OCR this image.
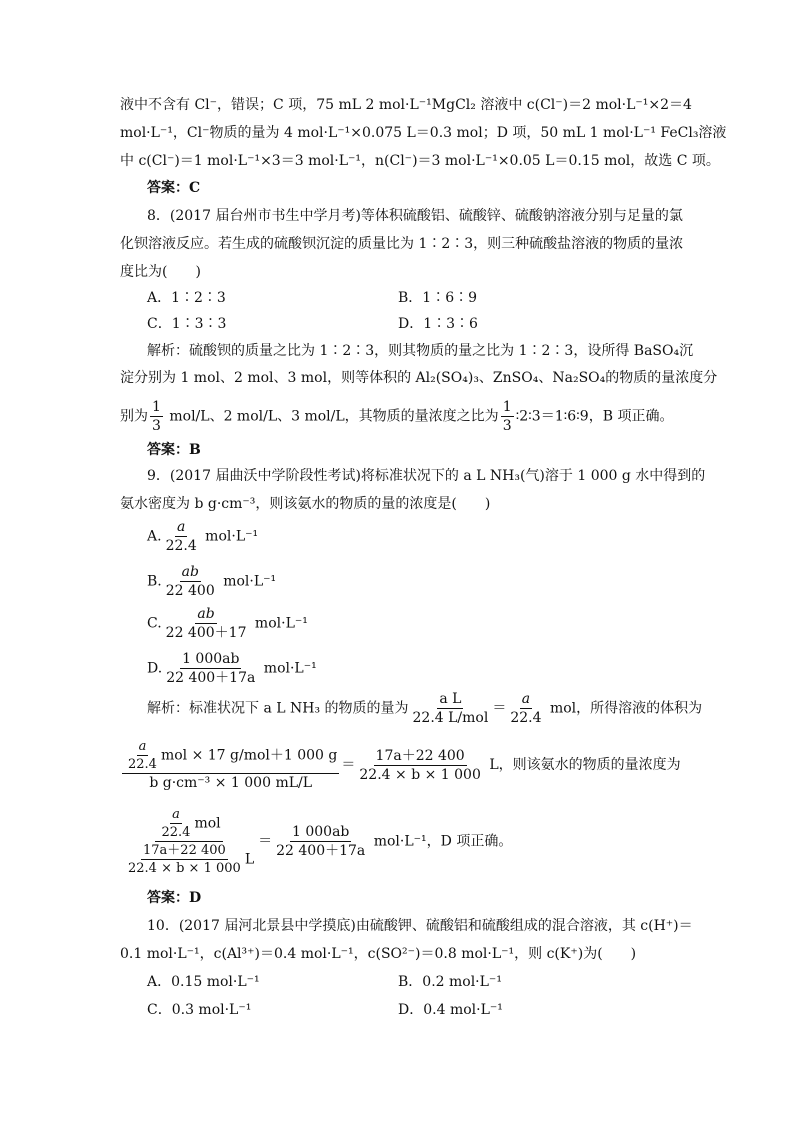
液中不含有 Cl⁻，错误；C 项，75 mL 2 mol·L⁻¹MgCl₂ 溶液中 c(Cl⁻)＝2 mol·L⁻¹×2＝4
mol·L⁻¹，Cl⁻物质的量为 4 mol·L⁻¹×0.075 L＝0.3 mol；D 项，50 mL 1 mol·L⁻¹ FeCl₃溶液
中 c(Cl⁻)＝1 mol·L⁻¹×3＝3 mol·L⁻¹，n(Cl⁻)＝3 mol·L⁻¹×0.05 L＝0.15 mol，故选 C 项。
答案：C
8．(2017 届台州市书生中学月考)等体积硫酸铝、硫酸锌、硫酸钠溶液分别与足量的氯
化钡溶液反应。若生成的硫酸钡沉淀的质量比为 1∶2∶3，则三种硫酸盐溶液的物质的量浓
度比为(　　)
A．1∶2∶3	B．1∶6∶9
C．1∶3∶3	D．1∶3∶6
解析：硫酸钡的质量之比为 1∶2∶3，则其物质的量之比为 1∶2∶3，设所得 BaSO₄沉
淀分别为 1 mol、2 mol、3 mol，则等体积的 Al₂(SO₄)₃、ZnSO₄、Na₂SO₄的物质的量浓度分
别为 $\frac{1}{3} mol/L$、2 mol/L、3 mol/L，其物质的量浓度之比为 $\frac{1}{3}$ ∶2∶3＝1∶6∶9，B 项正确。
答案：B
9．(2017 届曲沃中学阶段性考试)将标准状况下的 a L NH₃(气)溶于 1 000 g 水中得到的
氨水密度为 b g·cm⁻³，则该氨水的物质的量的浓度是(　　)
A. $\frac{a}{22.4} mol\cdot L^{-1}$
B. $\frac{ab}{22 400} mol\cdot L^{-1}$
C. $\frac{ab}{22 400+17} mol\cdot L^{-1}$
D. $\frac{1 000ab}{22 400+17a} mol\cdot L^{-1}$
解析：标准状况下 a L NH₃ 的物质的量为 $\frac{\text{a L}}{\text{22.4 L/mol}} = \frac{a}{22.4}$ mol，所得溶液的体积为
$\frac{\frac{a}{22.4} mol \times 17 g/mol+1 000 g}{\text{b g·cm⁻³ × 1 000 mL/L}} = \frac{17a+22 400}{22.4 \times b \times 1 000}$ L，则该氨水的物质的量浓度为
$\frac{\frac{a}{22.4} mol}{\frac{17a+22 400}{22.4 \times b \times 1 000} L} = \frac{1 000ab}{22 400+17a} mol\cdot L^{-1}$，D 项正确。
答案：D
10．(2017 届河北景县中学摸底)由硫酸钾、硫酸铝和硫酸组成的混合溶液，其 c(H⁺)＝
0.1 mol·L⁻¹，c(Al³⁺)＝0.4 mol·L⁻¹，c(SO²⁻)＝0.8 mol·L⁻¹，则 c(K⁺)为(　　)
A．0.15 mol·L⁻¹	B．0.2 mol·L⁻¹
C．0.3 mol·L⁻¹	D．0.4 mol·L⁻¹
